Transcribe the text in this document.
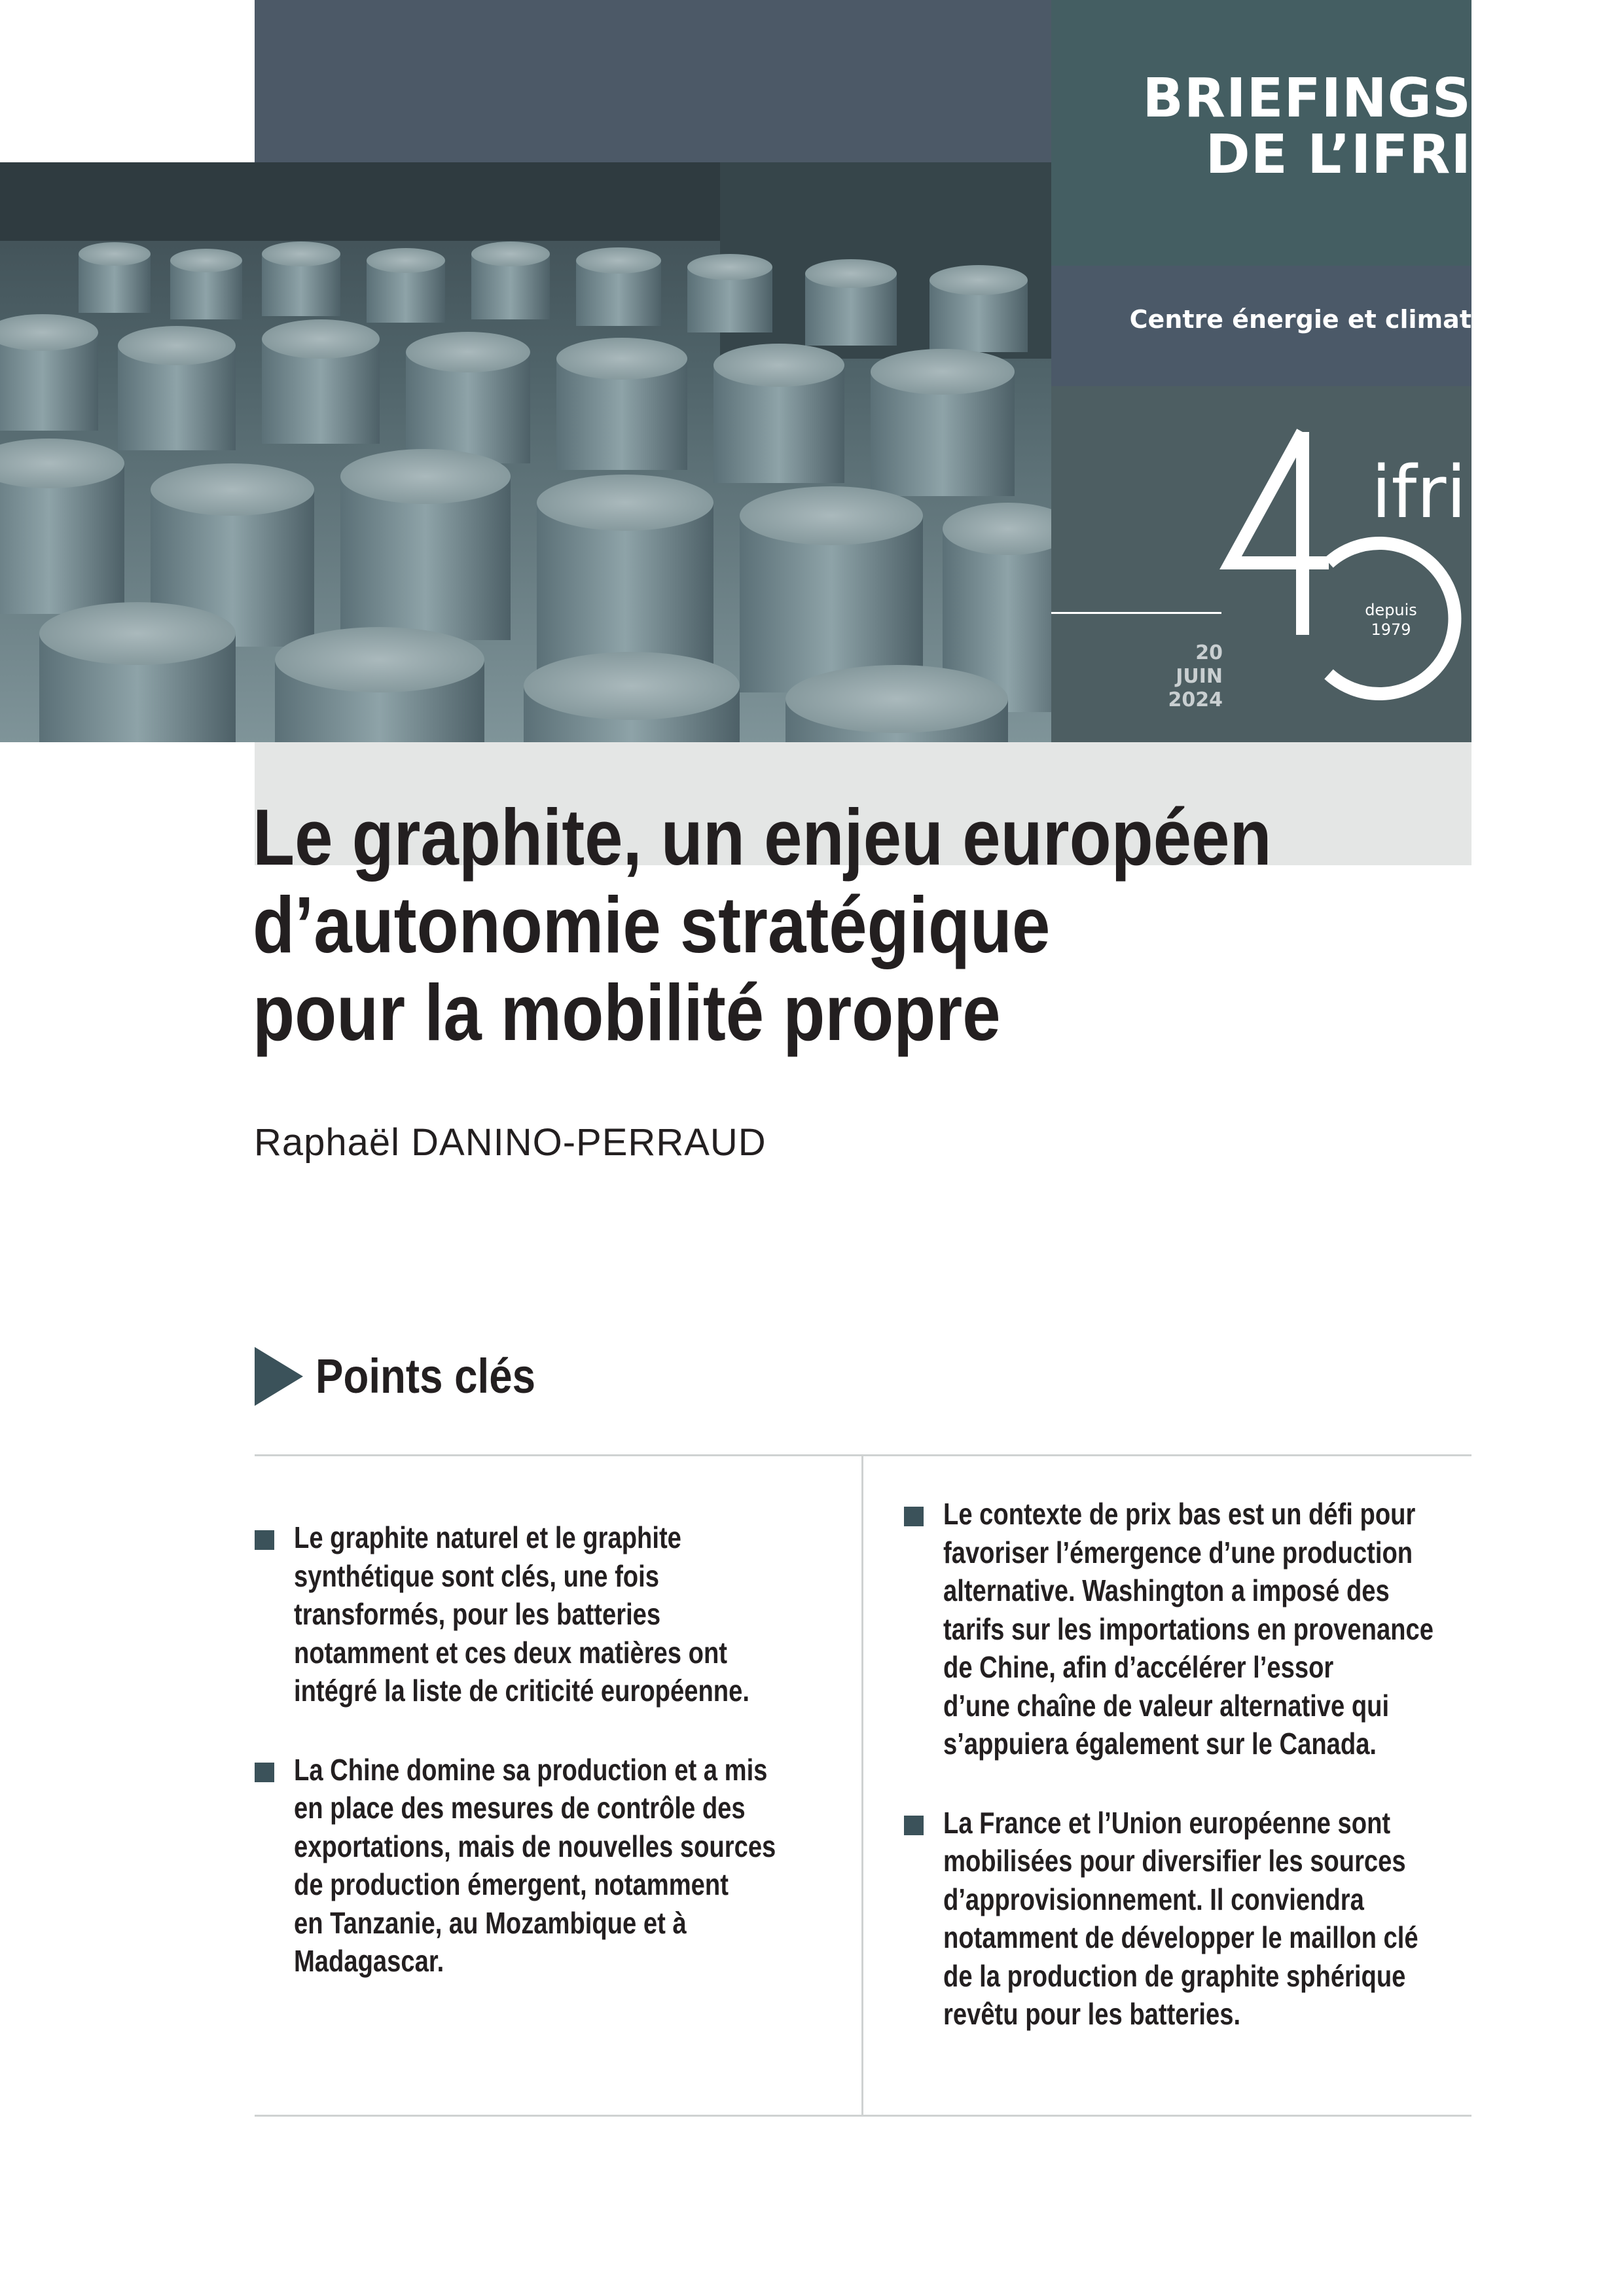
BRIEFINGS
DE L’IFRI
Centre énergie et climat
ifri
depuis
1979
20
JUIN
2024
Le graphite, un enjeu européen
d’autonomie stratégique
pour la mobilité propre
Raphaël DANINO-PERRAUD
Points clés
Le graphite naturel et le graphite
synthétique sont clés, une fois
transformés, pour les batteries
notamment et ces deux matières ont
intégré la liste de criticité européenne.
La Chine domine sa production et a mis
en place des mesures de contrôle des
exportations, mais de nouvelles sources
de production émergent, notamment
en Tanzanie, au Mozambique et à
Madagascar.
Le contexte de prix bas est un défi pour
favoriser l’émergence d’une production
alternative. Washington a imposé des
tarifs sur les importations en provenance
de Chine, afin d’accélérer l’essor
d’une chaîne de valeur alternative qui
s’appuiera également sur le Canada.
La France et l’Union européenne sont
mobilisées pour diversifier les sources
d’approvisionnement. Il conviendra
notamment de développer le maillon clé
de la production de graphite sphérique
revêtu pour les batteries.
